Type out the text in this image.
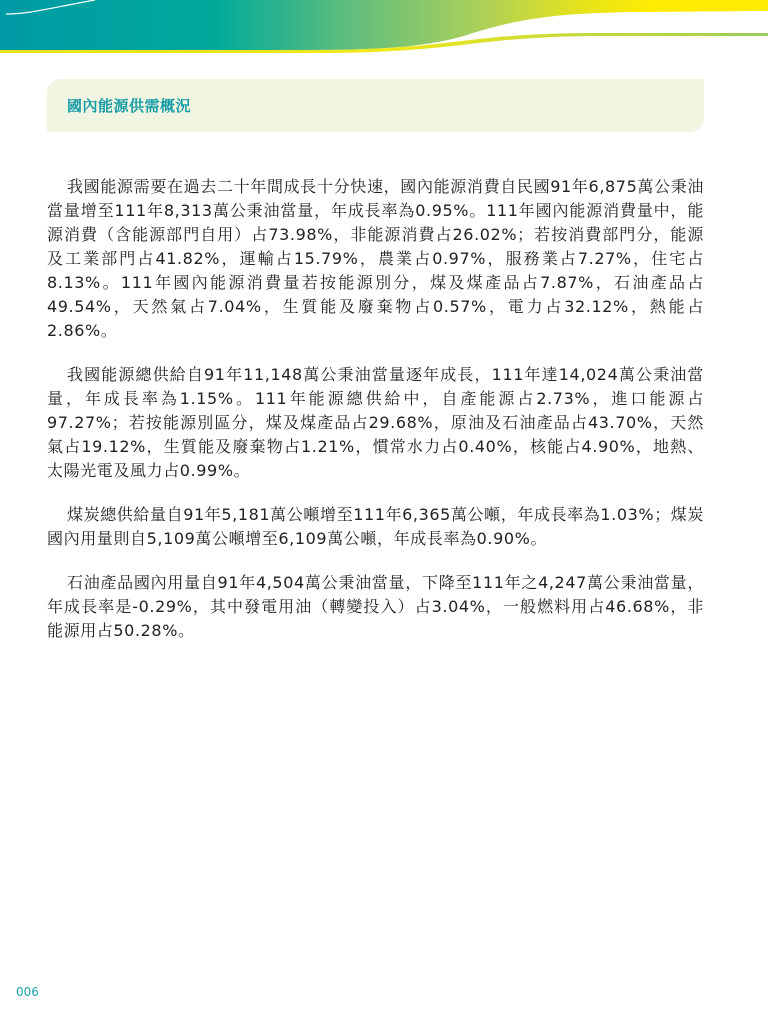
國內能源供需概況

我國能源需要在過去二十年間成長十分快速，國內能源消費自民國91年6,875萬公秉油當量增至111年8,313萬公秉油當量，年成長率為0.95%。111年國內能源消費量中，能源消費（含能源部門自用）占73.98%，非能源消費占26.02%；若按消費部門分，能源及工業部門占41.82%，運輸占15.79%，農業占0.97%，服務業占7.27%，住宅占8.13%。111年國內能源消費量若按能源別分，煤及煤產品占7.87%，石油產品占49.54%，天然氣占7.04%，生質能及廢棄物占0.57%，電力占32.12%，熱能占2.86%。

我國能源總供給自91年11,148萬公秉油當量逐年成長，111年達14,024萬公秉油當量，年成長率為1.15%。111年能源總供給中，自產能源占2.73%，進口能源占97.27%；若按能源別區分，煤及煤產品占29.68%，原油及石油產品占43.70%，天然氣占19.12%，生質能及廢棄物占1.21%，慣常水力占0.40%，核能占4.90%，地熱、太陽光電及風力占0.99%。

煤炭總供給量自91年5,181萬公噸增至111年6,365萬公噸，年成長率為1.03%；煤炭國內用量則自5,109萬公噸增至6,109萬公噸，年成長率為0.90%。

石油產品國內用量自91年4,504萬公秉油當量，下降至111年之4,247萬公秉油當量，年成長率是-0.29%，其中發電用油（轉變投入）占3.04%，一般燃料用占46.68%，非能源用占50.28%。

006
